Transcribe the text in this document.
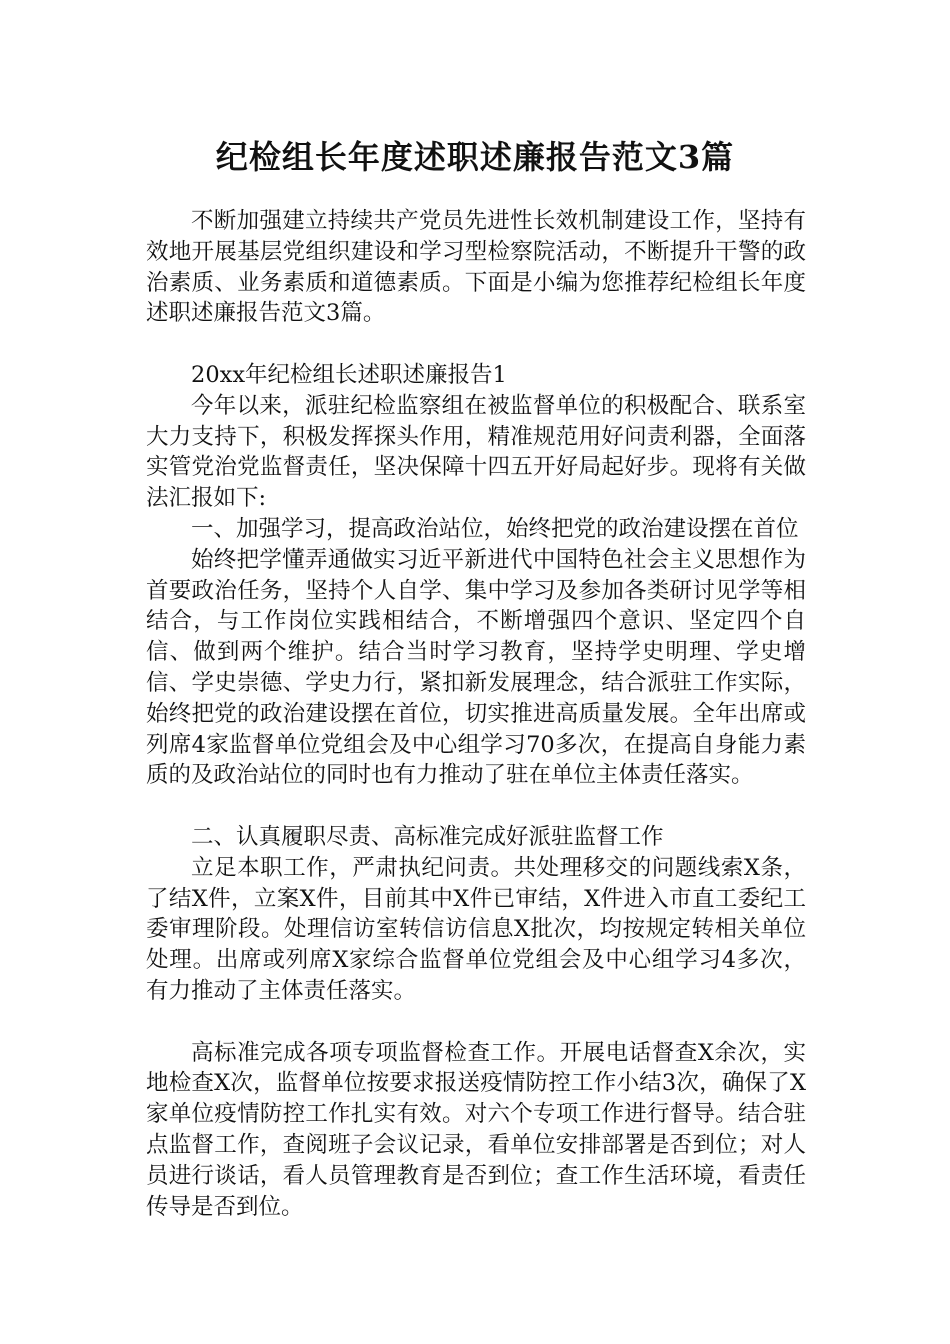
纪检组长年度述职述廉报告范文3篇

不断加强建立持续共产党员先进性长效机制建设工作，坚持有效地开展基层党组织建设和学习型检察院活动，不断提升干警的政治素质、业务素质和道德素质。下面是小编为您推荐纪检组长年度述职述廉报告范文3篇。

20xx年纪检组长述职述廉报告1

今年以来，派驻纪检监察组在被监督单位的积极配合、联系室大力支持下，积极发挥探头作用，精准规范用好问责利器，全面落实管党治党监督责任，坚决保障十四五开好局起好步。现将有关做法汇报如下:

一、加强学习，提高政治站位，始终把党的政治建设摆在首位

始终把学懂弄通做实习近平新进代中国特色社会主义思想作为首要政治任务，坚持个人自学、集中学习及参加各类研讨见学等相结合，与工作岗位实践相结合，不断增强四个意识、坚定四个自信、做到两个维护。结合当时学习教育，坚持学史明理、学史增信、学史崇德、学史力行，紧扣新发展理念，结合派驻工作实际，始终把党的政治建设摆在首位，切实推进高质量发展。全年出席或列席4家监督单位党组会及中心组学习70多次，在提高自身能力素质的及政治站位的同时也有力推动了驻在单位主体责任落实。

二、认真履职尽责、高标准完成好派驻监督工作

立足本职工作，严肃执纪问责。共处理移交的问题线索X条，了结X件，立案X件，目前其中X件已审结，X件进入市直工委纪工委审理阶段。处理信访室转信访信息X批次，均按规定转相关单位处理。出席或列席X家综合监督单位党组会及中心组学习4多次，有力推动了主体责任落实。

高标准完成各项专项监督检查工作。开展电话督查X余次，实地检查X次，监督单位按要求报送疫情防控工作小结3次，确保了X家单位疫情防控工作扎实有效。对六个专项工作进行督导。结合驻点监督工作，查阅班子会议记录，看单位安排部署是否到位；对人员进行谈话，看人员管理教育是否到位；查工作生活环境，看责任传导是否到位。
